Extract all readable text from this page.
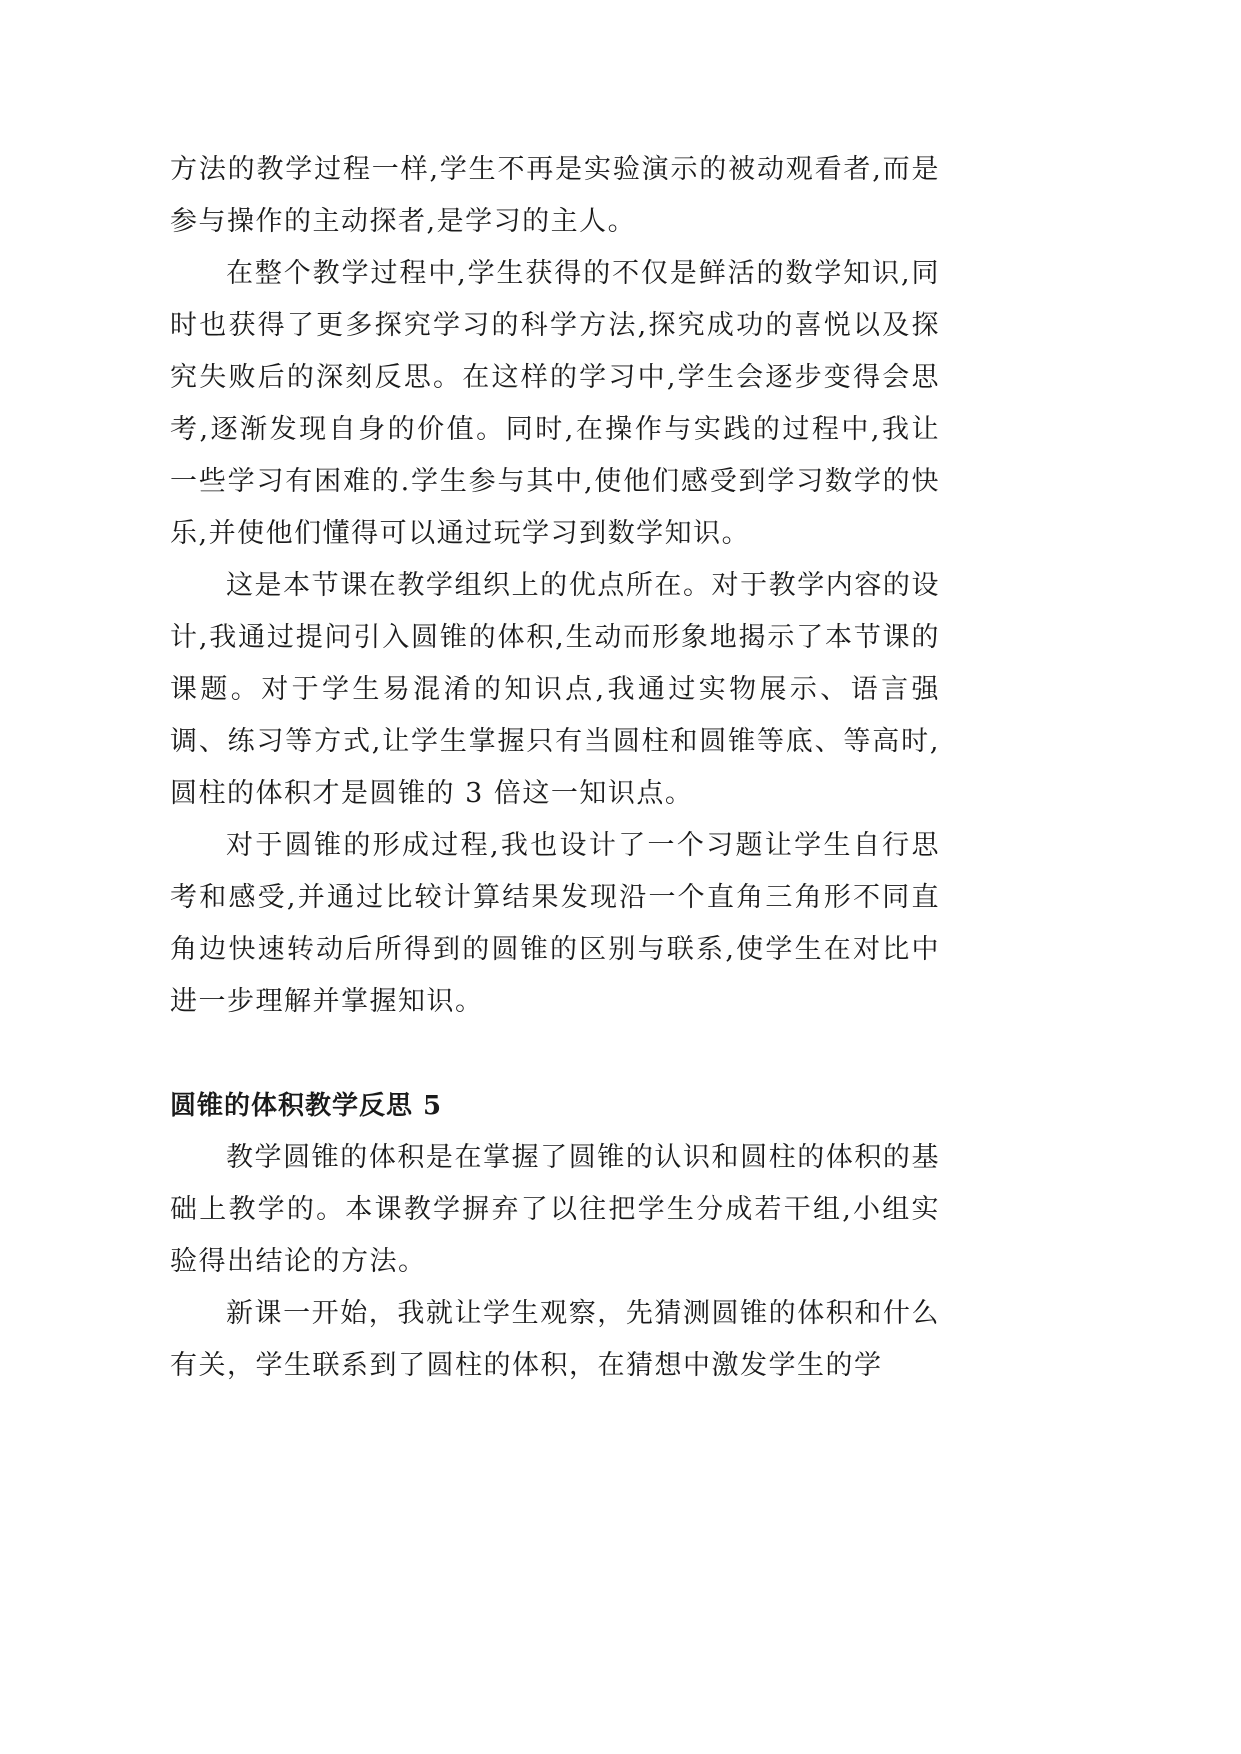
方法的教学过程一样,学生不再是实验演示的被动观看者,而是参与操作的主动探者,是学习的主人。

在整个教学过程中,学生获得的不仅是鲜活的数学知识,同时也获得了更多探究学习的科学方法,探究成功的喜悦以及探究失败后的深刻反思。在这样的学习中,学生会逐步变得会思考,逐渐发现自身的价值。同时,在操作与实践的过程中,我让一些学习有困难的.学生参与其中,使他们感受到学习数学的快乐,并使他们懂得可以通过玩学习到数学知识。

这是本节课在教学组织上的优点所在。对于教学内容的设计,我通过提问引入圆锥的体积,生动而形象地揭示了本节课的课题。对于学生易混淆的知识点,我通过实物展示、语言强调、练习等方式,让学生掌握只有当圆柱和圆锥等底、等高时,圆柱的体积才是圆锥的 3 倍这一知识点。

对于圆锥的形成过程,我也设计了一个习题让学生自行思考和感受,并通过比较计算结果发现沿一个直角三角形不同直角边快速转动后所得到的圆锥的区别与联系,使学生在对比中进一步理解并掌握知识。

圆锥的体积教学反思 5

教学圆锥的体积是在掌握了圆锥的认识和圆柱的体积的基础上教学的。本课教学摒弃了以往把学生分成若干组,小组实验得出结论的方法。

新课一开始，我就让学生观察，先猜测圆锥的体积和什么有关，学生联系到了圆柱的体积，在猜想中激发学生的学
